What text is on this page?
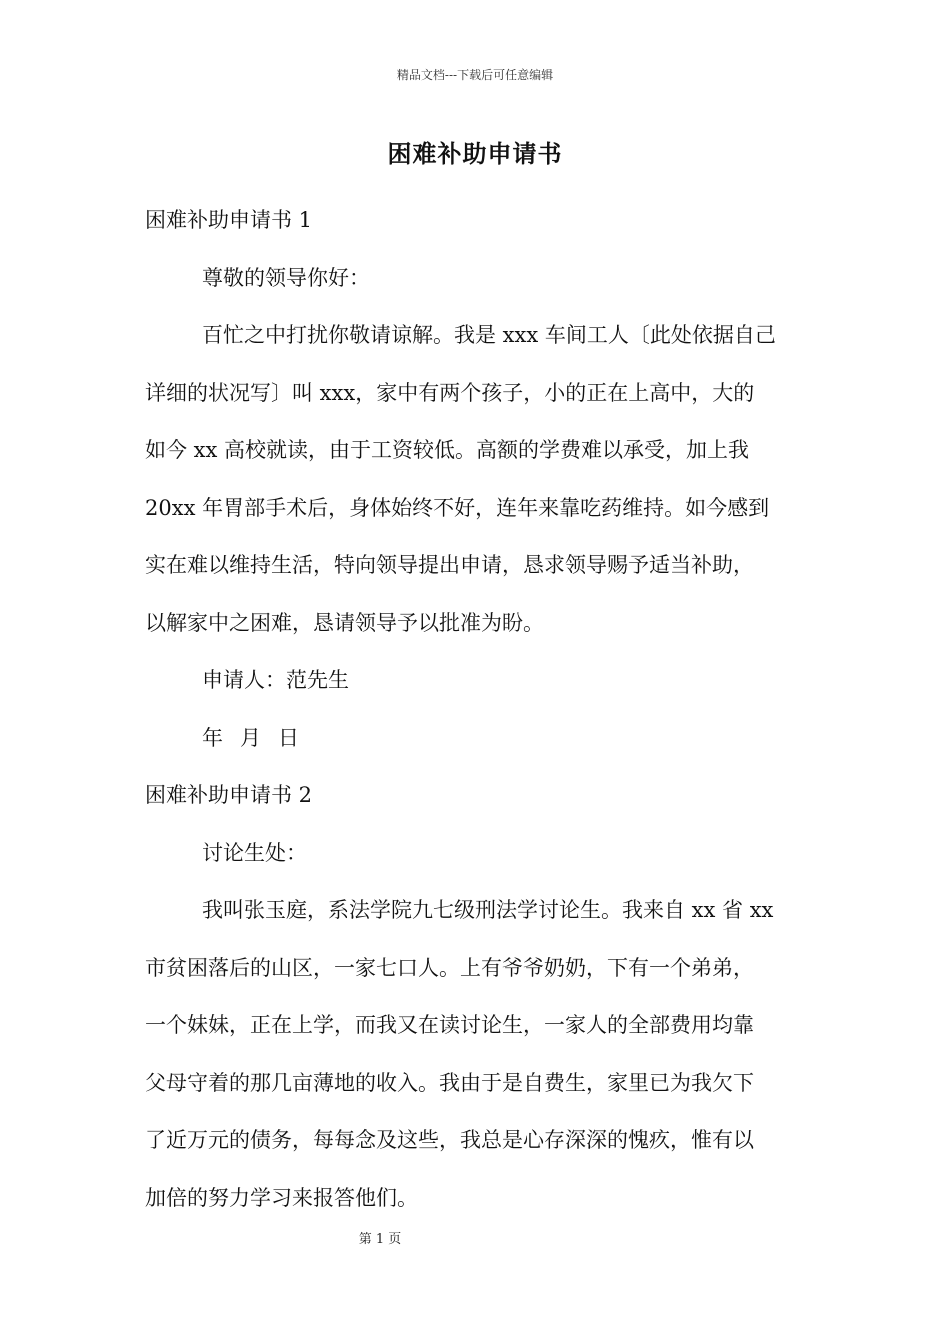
精品文档---下载后可任意编辑
困难补助申请书
困难补助申请书 1
尊敬的领导你好：
百忙之中打扰你敬请谅解。我是 xxx 车间工人〔此处依据自己
详细的状况写〕叫 xxx，家中有两个孩子，小的正在上高中，大的
如今 xx 高校就读，由于工资较低。高额的学费难以承受，加上我
20xx 年胃部手术后，身体始终不好，连年来靠吃药维持。如今感到
实在难以维持生活，特向领导提出申请，恳求领导赐予适当补助，
以解家中之困难，恳请领导予以批准为盼。
申请人：范先生
年 月 日
困难补助申请书 2
讨论生处：
我叫张玉庭，系法学院九七级刑法学讨论生。我来自 xx 省 xx
市贫困落后的山区，一家七口人。上有爷爷奶奶，下有一个弟弟，
一个妹妹，正在上学，而我又在读讨论生，一家人的全部费用均靠
父母守着的那几亩薄地的收入。我由于是自费生，家里已为我欠下
了近万元的债务，每每念及这些，我总是心存深深的愧疚，惟有以
加倍的努力学习来报答他们。
第 1 页
